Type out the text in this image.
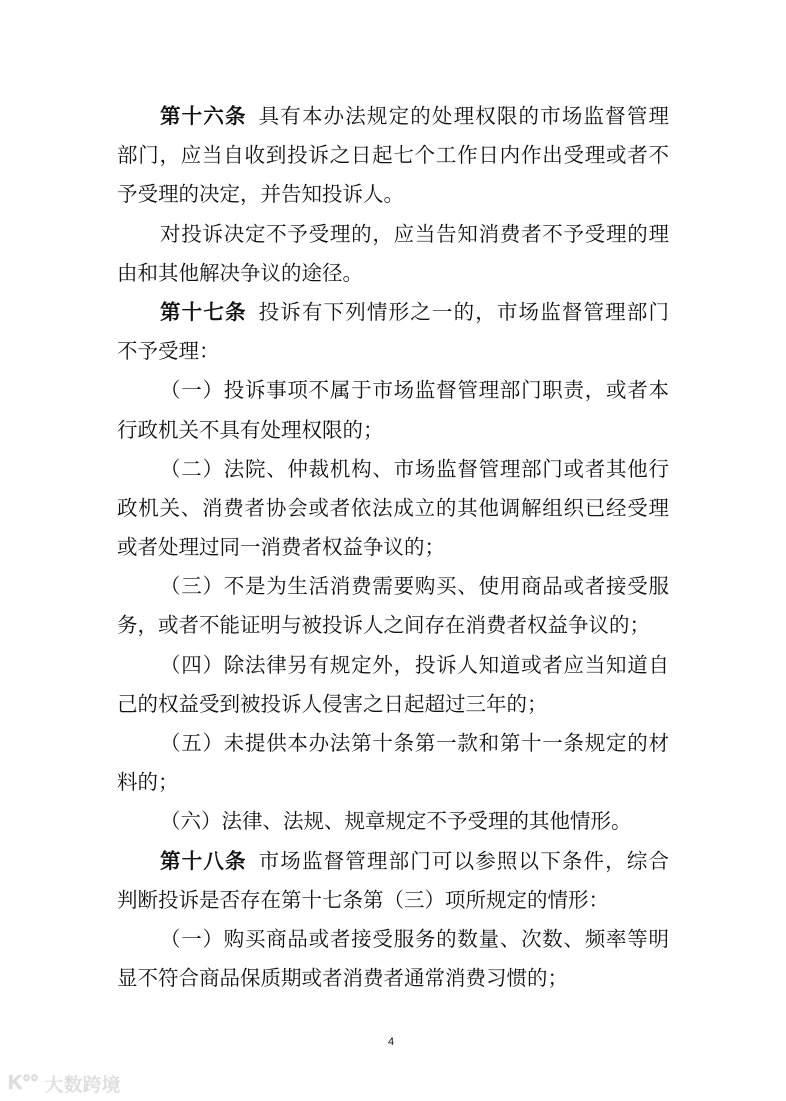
第十六条 具有本办法规定的处理权限的市场监督管理
部门，应当自收到投诉之日起七个工作日内作出受理或者不
予受理的决定，并告知投诉人。
对投诉决定不予受理的，应当告知消费者不予受理的理
由和其他解决争议的途径。
第十七条 投诉有下列情形之一的，市场监督管理部门
不予受理：
（一）投诉事项不属于市场监督管理部门职责，或者本
行政机关不具有处理权限的；
（二）法院、仲裁机构、市场监督管理部门或者其他行
政机关、消费者协会或者依法成立的其他调解组织已经受理
或者处理过同一消费者权益争议的；
（三）不是为生活消费需要购买、使用商品或者接受服
务，或者不能证明与被投诉人之间存在消费者权益争议的；
（四）除法律另有规定外，投诉人知道或者应当知道自
己的权益受到被投诉人侵害之日起超过三年的；
（五）未提供本办法第十条第一款和第十一条规定的材
料的；
（六）法律、法规、规章规定不予受理的其他情形。
第十八条 市场监督管理部门可以参照以下条件，综合
判断投诉是否存在第十七条第（三）项所规定的情形：
（一）购买商品或者接受服务的数量、次数、频率等明
显不符合商品保质期或者消费者通常消费习惯的；
4
K°° 大数跨境
